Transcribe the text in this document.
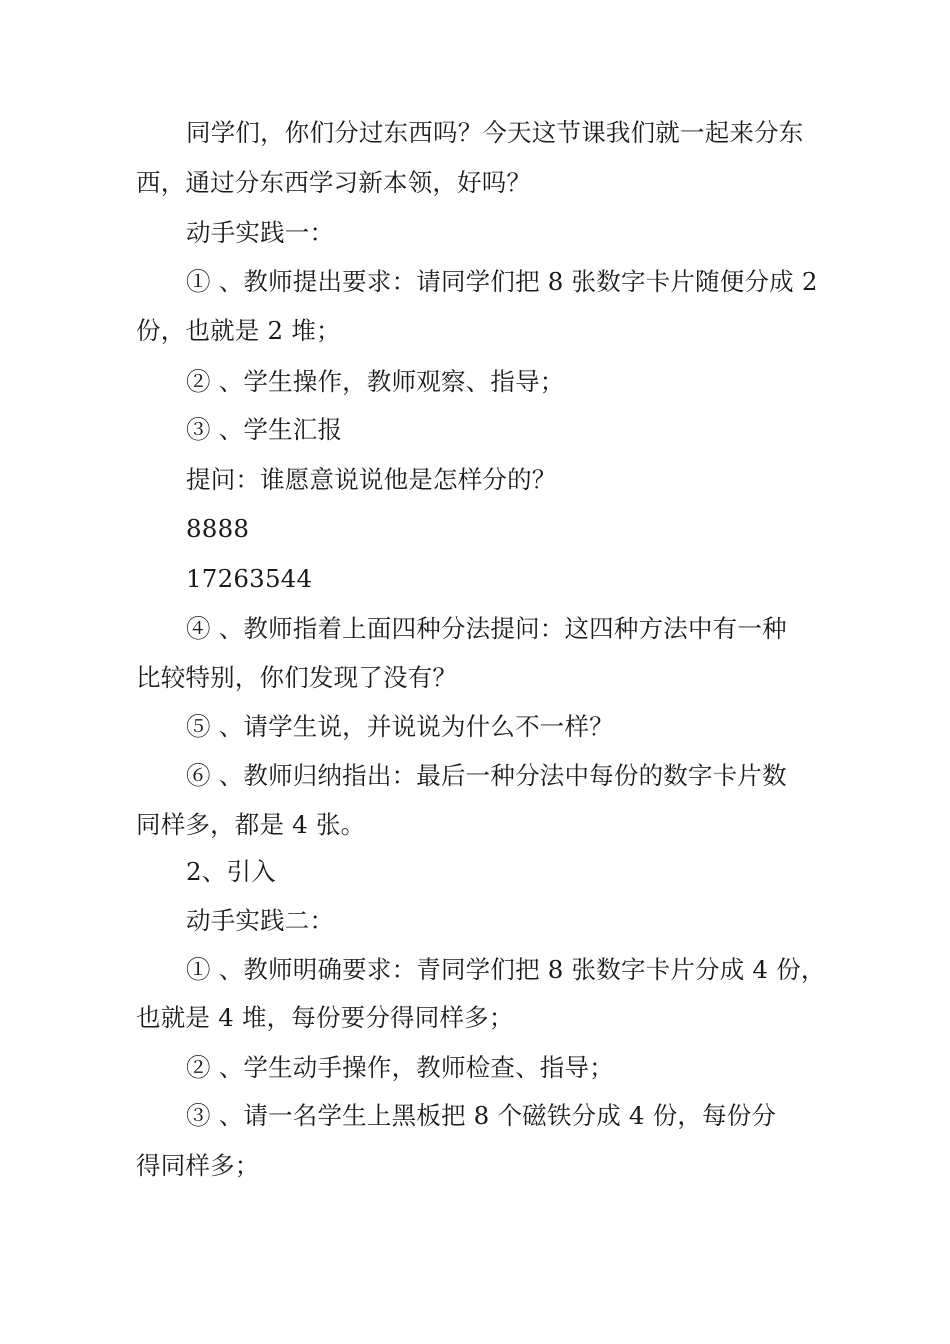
同学们，你们分过东西吗？今天这节课我们就一起来分东
西，通过分东西学习新本领，好吗？
动手实践一：
① 、教师提出要求：请同学们把 8 张数字卡片随便分成 2
份，也就是 2 堆；
② 、学生操作，教师观察、指导；
③ 、学生汇报
提问：谁愿意说说他是怎样分的？
8888
17263544
④ 、教师指着上面四种分法提问：这四种方法中有一种
比较特别，你们发现了没有？
⑤ 、请学生说，并说说为什么不一样？
⑥ 、教师归纳指出：最后一种分法中每份的数字卡片数
同样多，都是 4 张。
2、引入
动手实践二：
① 、教师明确要求：青同学们把 8 张数字卡片分成 4 份，
也就是 4 堆，每份要分得同样多；
② 、学生动手操作，教师检查、指导；
③ 、请一名学生上黑板把 8 个磁铁分成 4 份，每份分
得同样多；
